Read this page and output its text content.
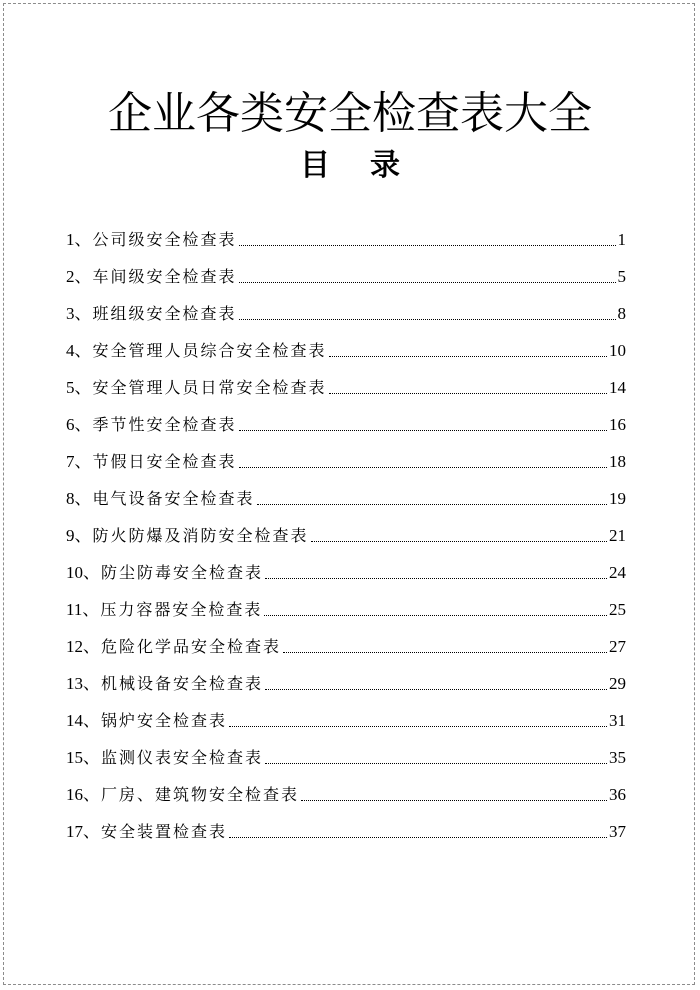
企业各类安全检查表大全
目录
1 、 公司级安全检查表	1
2 、 车间级安全检查表	5
3 、 班组级安全检查表	8
4 、 安全管理人员综合安全检查表	10
5 、 安全管理人员日常安全检查表	14
6 、 季节性安全检查表	16
7 、 节假日安全检查表	18
8 、 电气设备安全检查表	19
9 、 防火防爆及消防安全检查表	21
10 、 防尘防毒安全检查表	24
11 、 压力容器安全检查表	25
12 、 危险化学品安全检查表	27
13 、 机械设备安全检查表	29
14 、 锅炉安全检查表	31
15 、 监测仪表安全检查表	35
16 、 厂房、建筑物安全检查表	36
17 、 安全装置检查表	37
